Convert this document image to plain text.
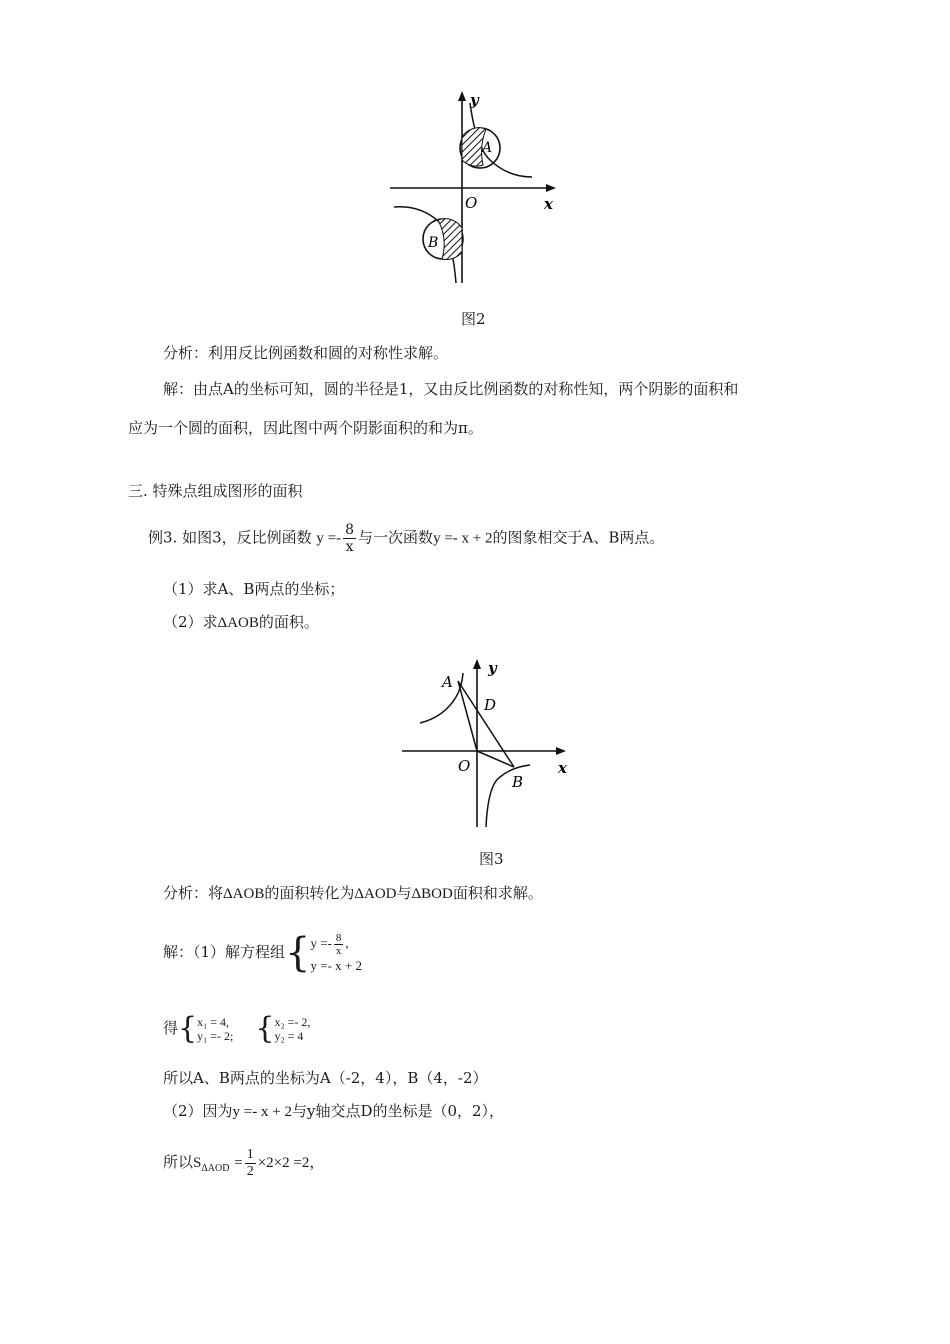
y
x
O
A
B
图2
分析：利用反比例函数和圆的对称性求解。
解：由点A的坐标可知，圆的半径是1，又由反比例函数的对称性知，两个阴影的面积和
应为一个圆的面积，因此图中两个阴影面积的和为π。
三. 特殊点组成图形的面积
例3. 如图3，反比例函数 $y =- \frac{8}{x}$ 与一次函数y =- x + 2的图象相交于A、B两点。
（1）求A、B两点的坐标；
（2）求ΔAOB的面积。
y
x
O
A
B
D
图3
分析：将ΔAOB的面积转化为ΔAOD与ΔBOD面积和求解。
解：（1）解方程组{ $y =- \frac{8}{x}$ ,
y =- x + 2
得{ x₁ = 4,
y₁ =- 2; { x₂ =- 2,
y₂ = 4
所以A、B两点的坐标为A（-2，4），B（4，-2）
（2）因为y =- x + 2与y轴交点D的坐标是（0，2），
所以$S_{\Delta AOD} = \frac{1}{2} \times 2\times 2 =2$，
